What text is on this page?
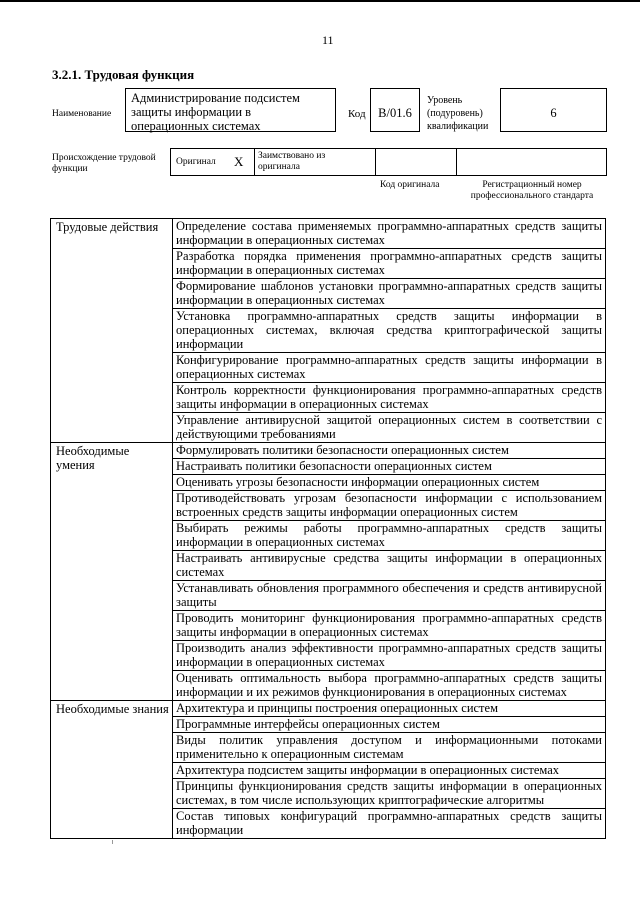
11
3.2.1. Трудовая функция
Наименование
Администрирование подсистем защиты информации в операционных системах
Код	B/01.6
Уровень (подуровень) квалификации
6
Происхождение трудовой функции
Оригинал X Заимствовано из оригинала
Код оригинала	Регистрационный номер профессионального стандарта
Трудовые действия	Определение состава применяемых программно-аппаратных средств защиты информации в операционных системах
	Разработка порядка применения программно-аппаратных средств защиты информации в операционных системах
	Формирование шаблонов установки программно-аппаратных средств защиты информации в операционных системах
	Установка программно-аппаратных средств защиты информации в операционных системах, включая средства криптографической защиты информации
	Конфигурирование программно-аппаратных средств защиты информации в операционных системах
	Контроль корректности функционирования программно-аппаратных средств защиты информации в операционных системах
	Управление антивирусной защитой операционных систем в соответствии с действующими требованиями
Необходимые умения	Формулировать политики безопасности операционных систем
	Настраивать политики безопасности операционных систем
	Оценивать угрозы безопасности информации операционных систем
	Противодействовать угрозам безопасности информации с использованием встроенных средств защиты информации операционных систем
	Выбирать режимы работы программно-аппаратных средств защиты информации в операционных системах
	Настраивать антивирусные средства защиты информации в операционных системах
	Устанавливать обновления программного обеспечения и средств антивирусной защиты
	Проводить мониторинг функционирования программно-аппаратных средств защиты информации в операционных системах
	Производить анализ эффективности программно-аппаратных средств защиты информации в операционных системах
	Оценивать оптимальность выбора программно-аппаратных средств защиты информации и их режимов функционирования в операционных системах
Необходимые знания	Архитектура и принципы построения операционных систем
	Программные интерфейсы операционных систем
	Виды политик управления доступом и информационными потоками применительно к операционным системам
	Архитектура подсистем защиты информации в операционных системах
	Принципы функционирования средств защиты информации в операционных системах, в том числе использующих криптографические алгоритмы
	Состав типовых конфигураций программно-аппаратных средств защиты информации
